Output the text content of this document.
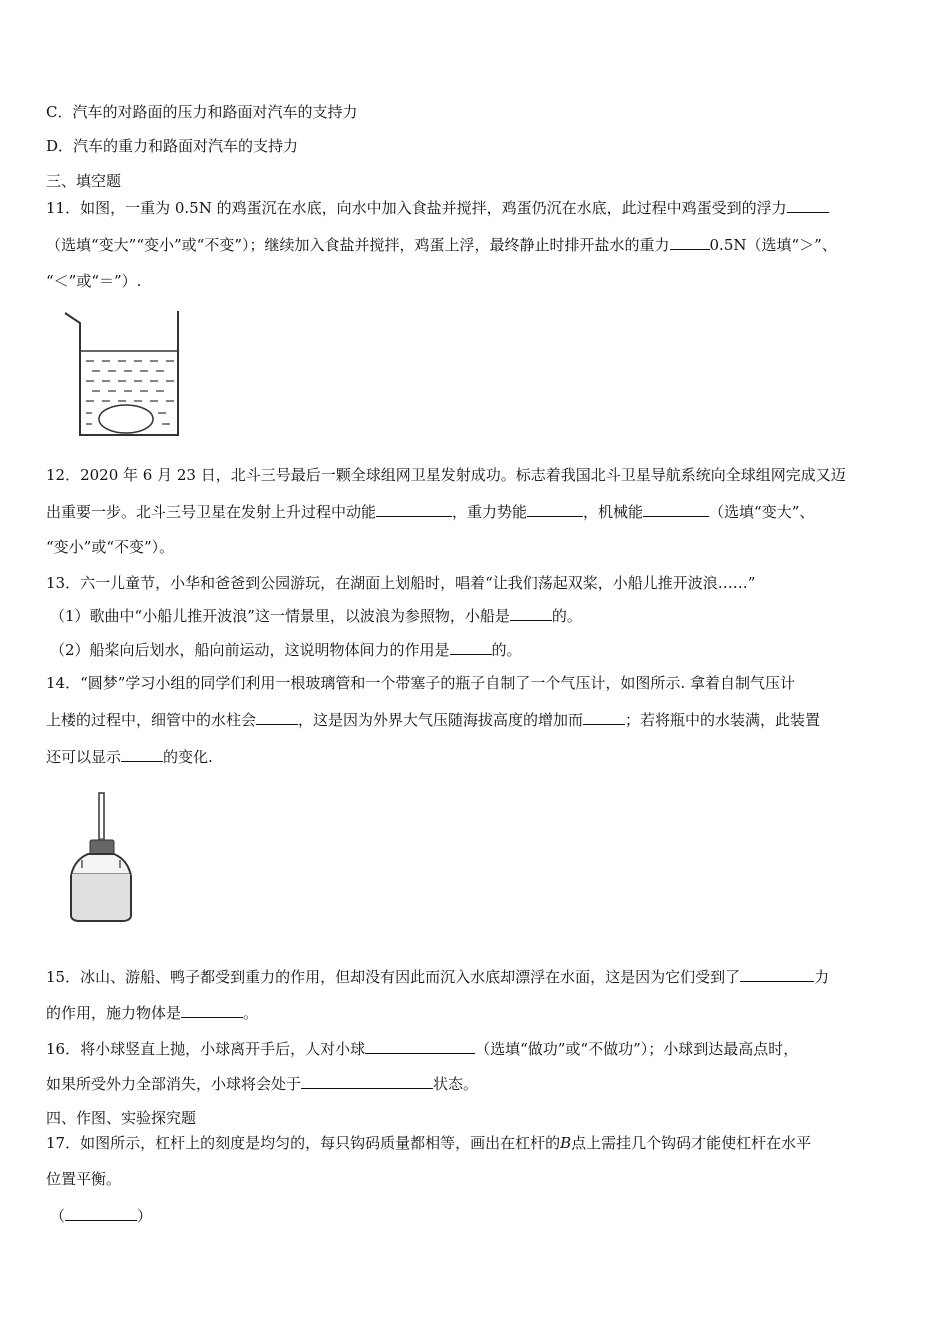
C．汽车的对路面的压力和路面对汽车的支持力
D．汽车的重力和路面对汽车的支持力
三、填空题
11．如图，一重为 0.5N 的鸡蛋沉在水底，向水中加入食盐并搅拌，鸡蛋仍沉在水底，此过程中鸡蛋受到的浮力
（选填“变大”“变小”或“不变”）；继续加入食盐并搅拌，鸡蛋上浮，最终静止时排开盐水的重力	0.5N（选填“＞”、
“＜”或“＝”）.
12．2020 年 6 月 23 日，北斗三号最后一颗全球组网卫星发射成功。标志着我国北斗卫星导航系统向全球组网完成又迈
出重要一步。北斗三号卫星在发射上升过程中动能	，重力势能	，机械能	（选填“变大”、
“变小”或“不变”）。
13．六一儿童节，小华和爸爸到公园游玩，在湖面上划船时，唱着“让我们荡起双桨，小船儿推开波浪……”
（1）歌曲中“小船儿推开波浪”这一情景里，以波浪为参照物，小船是	的。
（2）船桨向后划水，船向前运动，这说明物体间力的作用是	的。
14．“圆梦”学习小组的同学们利用一根玻璃管和一个带塞子的瓶子自制了一个气压计，如图所示. 拿着自制气压计
上楼的过程中，细管中的水柱会	，这是因为外界大气压随海拔高度的增加而	；若将瓶中的水装满，此装置
还可以显示	的变化.
15．冰山、游船、鸭子都受到重力的作用，但却没有因此而沉入水底却漂浮在水面，这是因为它们受到了	力
的作用，施力物体是	。
16．将小球竖直上抛，小球离开手后，人对小球	（选填“做功”或“不做功”）；小球到达最高点时，
如果所受外力全部消失，小球将会处于	状态。
四、作图、实验探究题
17．如图所示，杠杆上的刻度是均匀的，每只钩码质量都相等，画出在杠杆的B点上需挂几个钩码才能使杠杆在水平
位置平衡。
（	）
